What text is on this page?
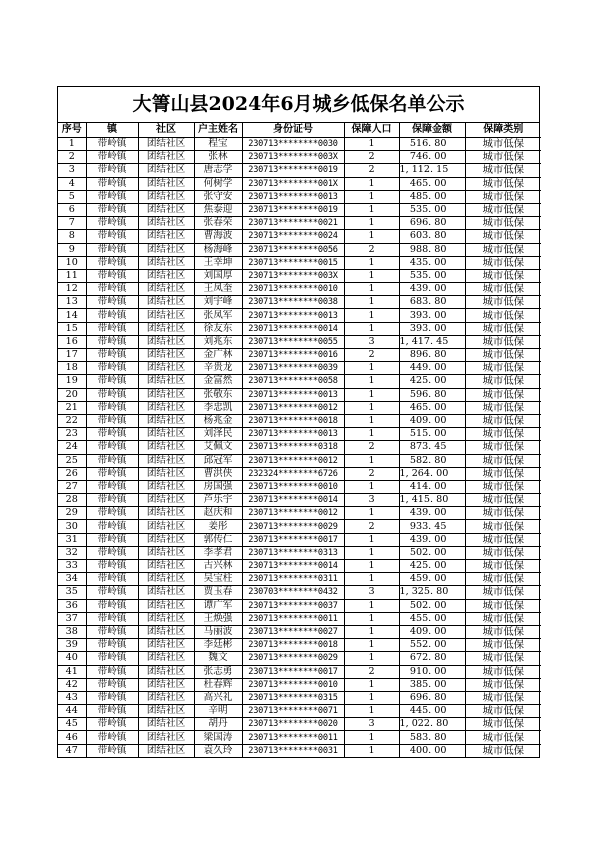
大箐山县2024年6月城乡低保名单公示
序号	镇	社区	户主姓名	身份证号	保障人口	保障金额	保障类别
1	带岭镇	团结社区	程宝	230713********0030	1	516. 80	城市低保
2	带岭镇	团结社区	张林	230713********003X	2	746. 00	城市低保
3	带岭镇	团结社区	唐志学	230713********0019	2	1, 112. 15	城市低保
4	带岭镇	团结社区	何树学	230713********001X	1	465. 00	城市低保
5	带岭镇	团结社区	张守安	230713********0013	1	485. 00	城市低保
6	带岭镇	团结社区	焦泰迎	230713********0019	1	535. 00	城市低保
7	带岭镇	团结社区	张春荣	230713********0021	1	696. 80	城市低保
8	带岭镇	团结社区	曹海波	230713********0024	1	603. 80	城市低保
9	带岭镇	团结社区	杨海峰	230713********0056	2	988. 80	城市低保
10	带岭镇	团结社区	王幸坤	230713********0015	1	435. 00	城市低保
11	带岭镇	团结社区	刘国厚	230713********003X	1	535. 00	城市低保
12	带岭镇	团结社区	王凤奎	230713********0010	1	439. 00	城市低保
13	带岭镇	团结社区	刘宇峰	230713********0038	1	683. 80	城市低保
14	带岭镇	团结社区	张凤军	230713********0013	1	393. 00	城市低保
15	带岭镇	团结社区	徐友东	230713********0014	1	393. 00	城市低保
16	带岭镇	团结社区	刘兆东	230713********0055	3	1, 417. 45	城市低保
17	带岭镇	团结社区	金广林	230713********0016	2	896. 80	城市低保
18	带岭镇	团结社区	辛贵龙	230713********0039	1	449. 00	城市低保
19	带岭镇	团结社区	金富然	230713********0058	1	425. 00	城市低保
20	带岭镇	团结社区	张敬东	230713********0013	1	596. 80	城市低保
21	带岭镇	团结社区	李忠凯	230713********0012	1	465. 00	城市低保
22	带岭镇	团结社区	杨兆金	230713********0018	1	409. 00	城市低保
23	带岭镇	团结社区	刘泽民	230713********0013	1	515. 00	城市低保
24	带岭镇	团结社区	艾佩文	230713********0318	2	873. 45	城市低保
25	带岭镇	团结社区	邱冠军	230713********0012	1	582. 80	城市低保
26	带岭镇	团结社区	曹洪侠	232324********6726	2	1, 264. 00	城市低保
27	带岭镇	团结社区	房国强	230713********0010	1	414. 00	城市低保
28	带岭镇	团结社区	芦乐宇	230713********0014	3	1, 415. 80	城市低保
29	带岭镇	团结社区	赵庆和	230713********0012	1	439. 00	城市低保
30	带岭镇	团结社区	姜彤	230713********0029	2	933. 45	城市低保
31	带岭镇	团结社区	郭传仁	230713********0017	1	439. 00	城市低保
32	带岭镇	团结社区	李孝君	230713********0313	1	502. 00	城市低保
33	带岭镇	团结社区	古兴林	230713********0014	1	425. 00	城市低保
34	带岭镇	团结社区	吴宝柱	230713********0311	1	459. 00	城市低保
35	带岭镇	团结社区	贾玉春	230703********0432	3	1, 325. 80	城市低保
36	带岭镇	团结社区	谭广军	230713********0037	1	502. 00	城市低保
37	带岭镇	团结社区	王焕强	230713********0011	1	455. 00	城市低保
38	带岭镇	团结社区	马丽波	230713********0027	1	409. 00	城市低保
39	带岭镇	团结社区	李廷彬	230713********0018	1	552. 00	城市低保
40	带岭镇	团结社区	魏文	230713********0029	1	672. 80	城市低保
41	带岭镇	团结社区	张志勇	230713********0017	2	910. 00	城市低保
42	带岭镇	团结社区	杜春辉	230713********0010	1	385. 00	城市低保
43	带岭镇	团结社区	高兴礼	230713********0315	1	696. 80	城市低保
44	带岭镇	团结社区	辛明	230713********0071	1	445. 00	城市低保
45	带岭镇	团结社区	胡丹	230713********0020	3	1, 022. 80	城市低保
46	带岭镇	团结社区	梁国涛	230713********0011	1	583. 80	城市低保
47	带岭镇	团结社区	袁久玲	230713********0031	1	400. 00	城市低保
